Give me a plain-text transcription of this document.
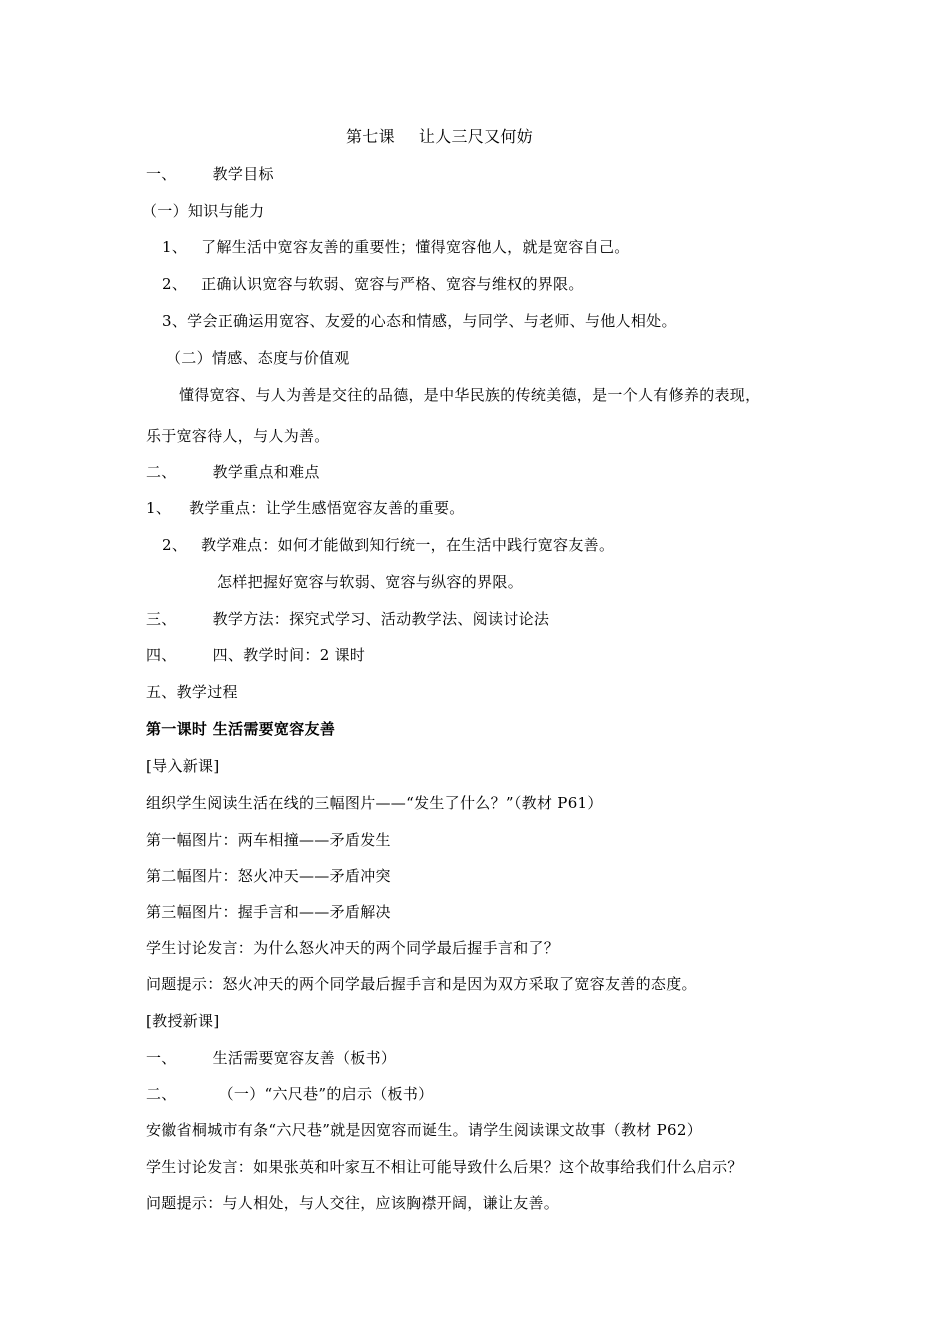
第七课 让人三尺又何妨
一、 教学目标
（一）知识与能力
1、 了解生活中宽容友善的重要性；懂得宽容他人，就是宽容自己。
2、 正确认识宽容与软弱、宽容与严格、宽容与维权的界限。
3、学会正确运用宽容、友爱的心态和情感，与同学、与老师、与他人相处。
（二）情感、态度与价值观
懂得宽容、与人为善是交往的品德，是中华民族的传统美德，是一个人有修养的表现，
乐于宽容待人，与人为善。
二、 教学重点和难点
1、 教学重点：让学生感悟宽容友善的重要。
2、 教学难点：如何才能做到知行统一，在生活中践行宽容友善。
怎样把握好宽容与软弱、宽容与纵容的界限。
三、 教学方法：探究式学习、活动教学法、阅读讨论法
四、 四、教学时间：2 课时
五、教学过程
第一课时 生活需要宽容友善
[导入新课]
组织学生阅读生活在线的三幅图片——“发生了什么？”（教材 P61）
第一幅图片：两车相撞——矛盾发生
第二幅图片：怒火冲天——矛盾冲突
第三幅图片：握手言和——矛盾解决
学生讨论发言：为什么怒火冲天的两个同学最后握手言和了？
问题提示：怒火冲天的两个同学最后握手言和是因为双方采取了宽容友善的态度。
[教授新课]
一、 生活需要宽容友善（板书）
二、	（一）“六尺巷”的启示（板书）
安徽省桐城市有条“六尺巷”就是因宽容而诞生。请学生阅读课文故事（教材 P62）
学生讨论发言：如果张英和叶家互不相让可能导致什么后果？这个故事给我们什么启示？
问题提示：与人相处，与人交往，应该胸襟开阔，谦让友善。
